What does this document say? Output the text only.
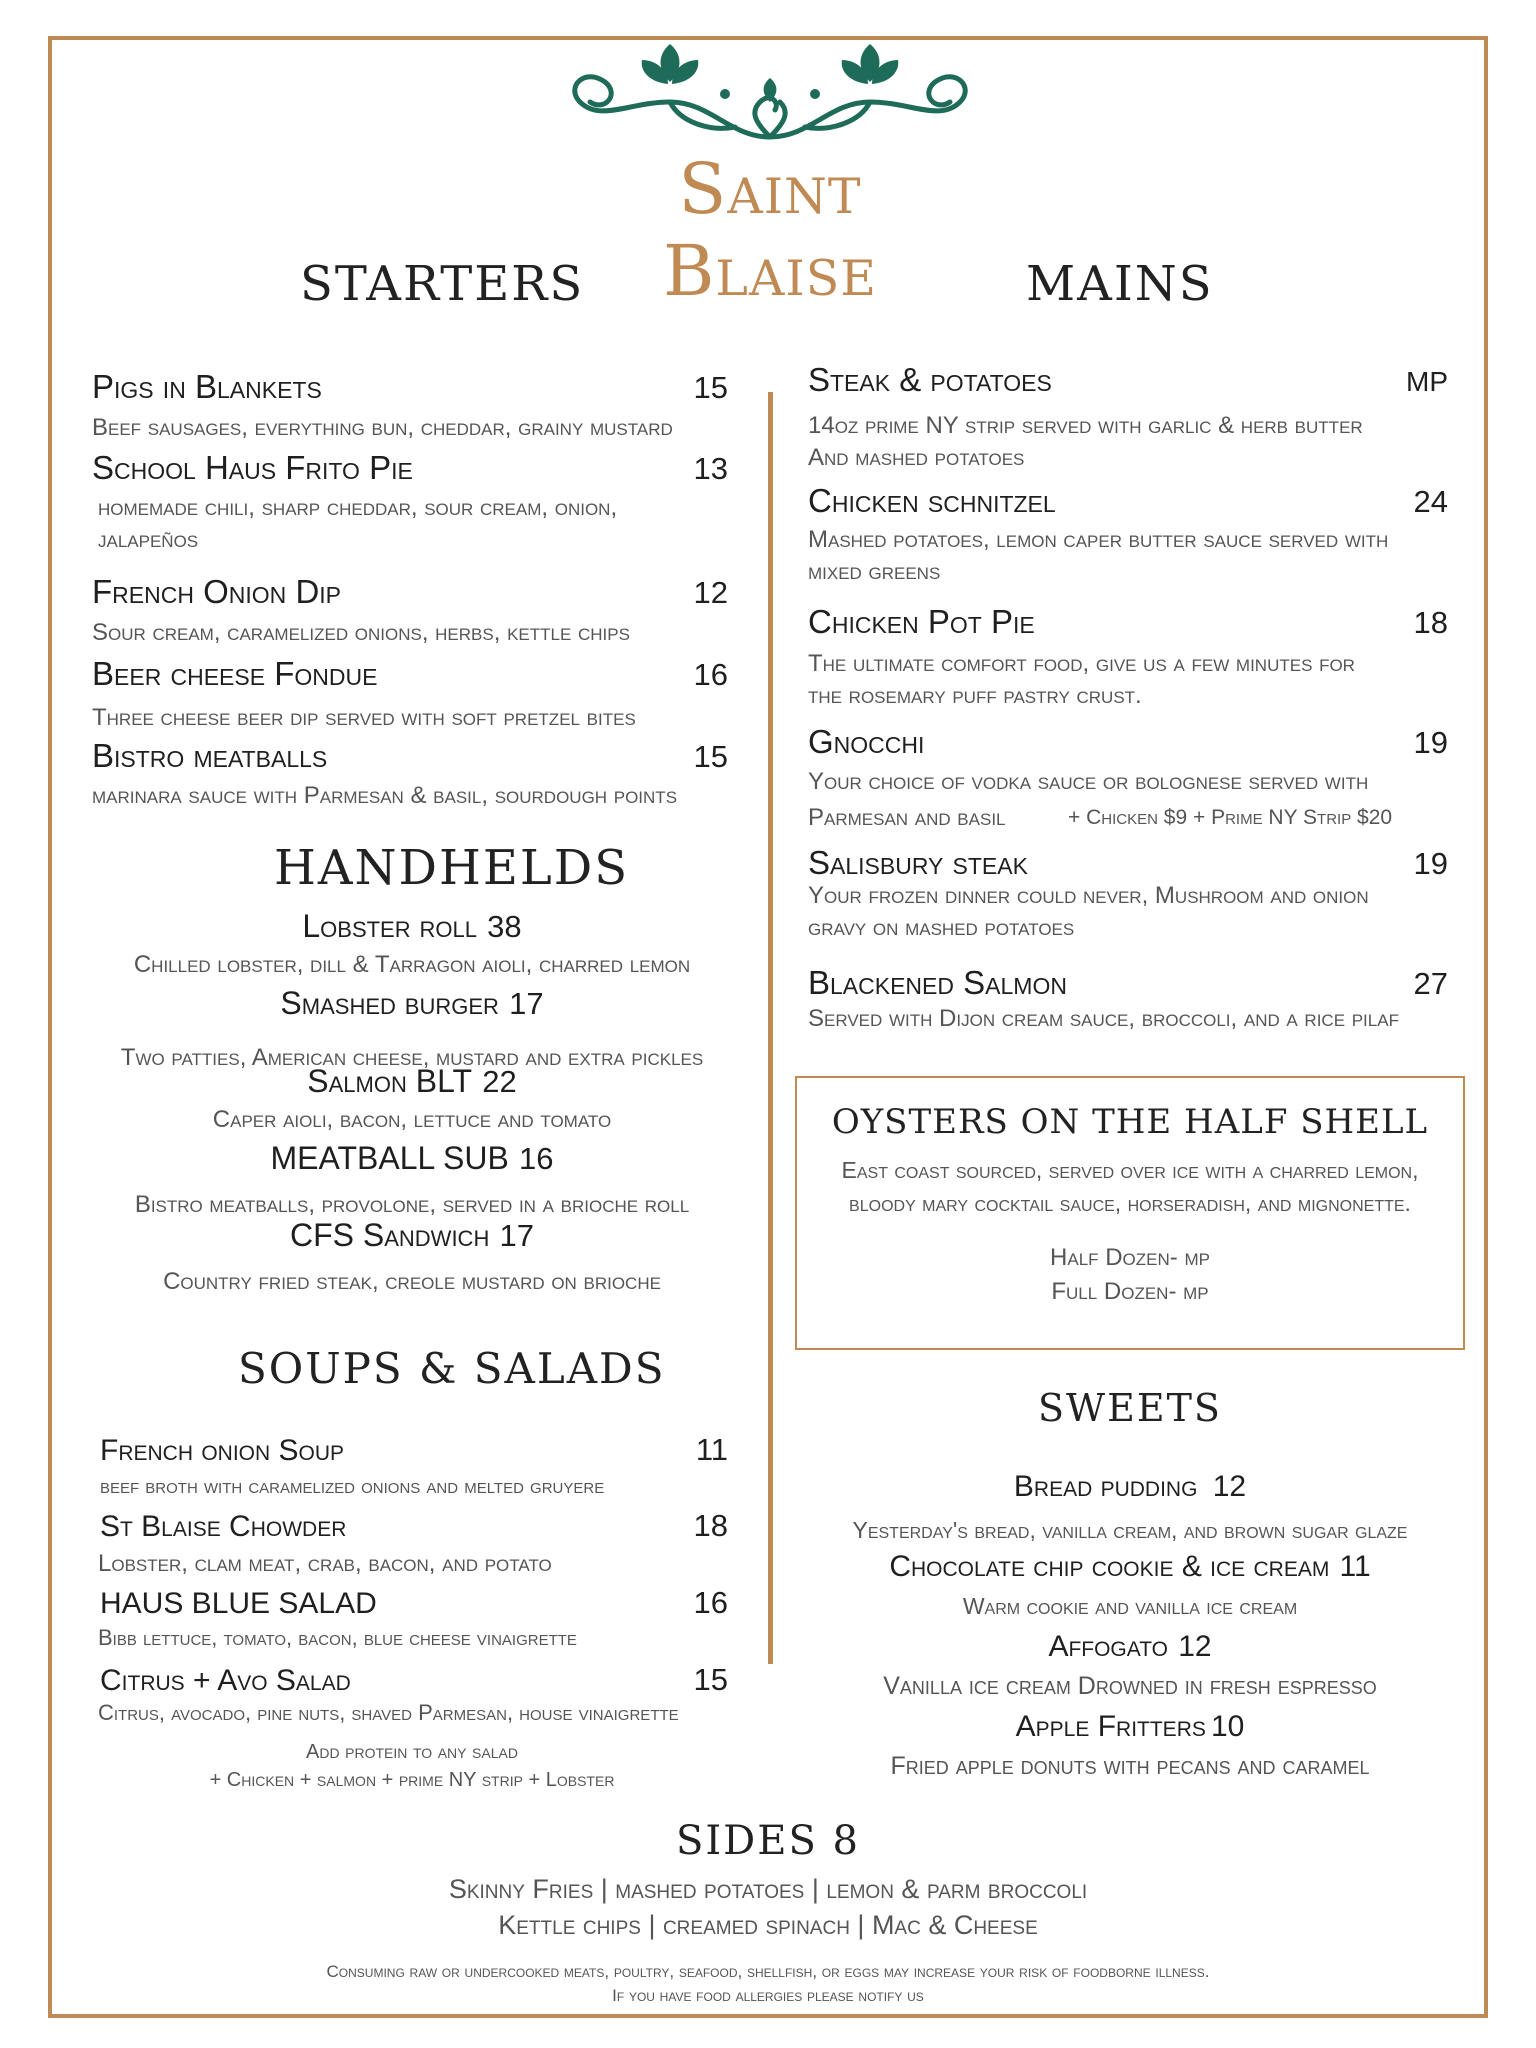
Saint Blaise
STARTERS
Pigs in Blankets	15
Beef sausages, everything bun, cheddar, grainy mustard
School Haus Frito Pie	13
homemade chili, sharp cheddar, sour cream, onion, jalapeños
French Onion Dip	12
Sour cream, caramelized onions, herbs, kettle chips
Beer cheese Fondue	16
Three cheese beer dip served with soft pretzel bites
Bistro meatballs	15
marinara sauce with Parmesan & basil, sourdough points
HANDHELDS
Lobster roll 38
Chilled lobster, dill & Tarragon aioli, charred lemon
Smashed burger 17
Two patties, American cheese, mustard and extra pickles
Salmon BLT 22
Caper aioli, bacon, lettuce and tomato
MEATBALL SUB 16
Bistro meatballs, provolone, served in a brioche roll
CFS Sandwich 17
Country fried steak, creole mustard on brioche
SOUPS & SALADS
French onion Soup	11
beef broth with caramelized onions and melted gruyere
St Blaise Chowder	18
Lobster, clam meat, crab, bacon, and potato
HAUS BLUE SALAD	16
Bibb lettuce, tomato, bacon, blue cheese vinaigrette
Citrus + Avo Salad	15
Citrus, avocado, pine nuts, shaved Parmesan, house vinaigrette
Add protein to any salad
+ Chicken + salmon + prime NY strip + Lobster
MAINS
Steak & potatoes	MP
14oz prime NY strip served with garlic & herb butter And mashed potatoes
Chicken schnitzel	24
Mashed potatoes, lemon caper butter sauce served with mixed greens
Chicken Pot Pie	18
The ultimate comfort food, give us a few minutes for the rosemary puff pastry crust.
Gnocchi	19
Your choice of vodka sauce or bolognese served with Parmesan and basil	+ Chicken $9 + Prime NY Strip $20
Salisbury steak	19
Your frozen dinner could never, Mushroom and onion gravy on mashed potatoes
Blackened Salmon	27
Served with Dijon cream sauce, broccoli, and a rice pilaf
OYSTERS ON THE HALF SHELL
East coast sourced, served over ice with a charred lemon, bloody mary cocktail sauce, horseradish, and mignonette.
Half Dozen- mp
Full Dozen- mp
SWEETS
Bread pudding 12
Yesterday's bread, vanilla cream, and brown sugar glaze
Chocolate chip cookie & ice cream 11
Warm cookie and vanilla ice cream
Affogato 12
Vanilla ice cream Drowned in fresh espresso
Apple Fritters 10
Fried apple donuts with pecans and caramel
SIDES 8
Skinny Fries | mashed potatoes | lemon & parm broccoli
Kettle chips | creamed spinach | Mac & Cheese
Consuming raw or undercooked meats, poultry, seafood, shellfish, or eggs may increase your risk of foodborne illness.
If you have food allergies please notify us
